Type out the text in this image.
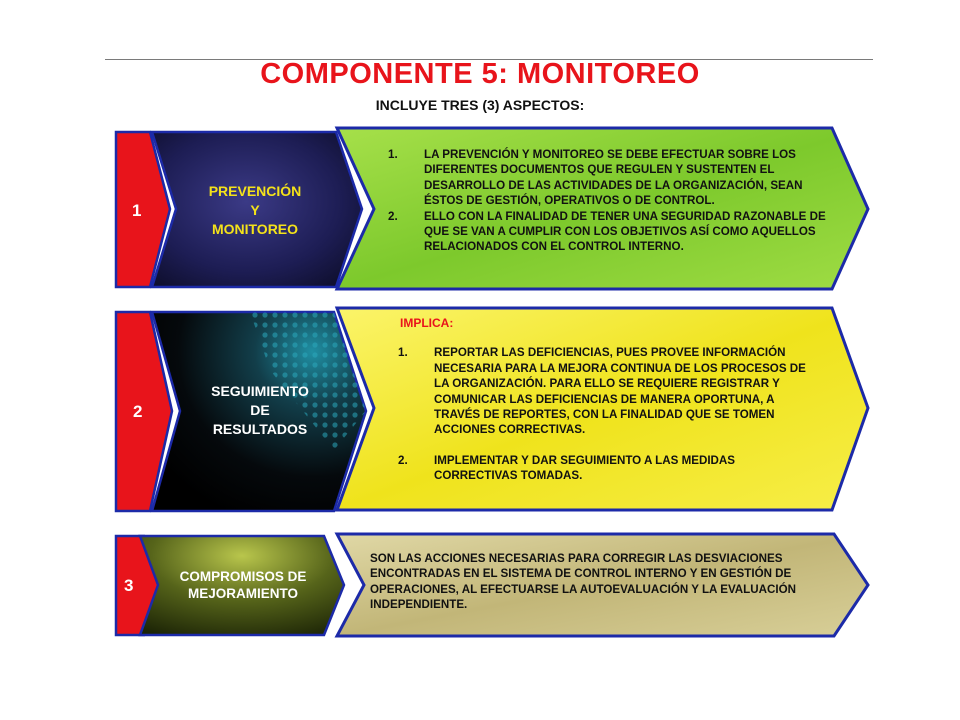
COMPONENTE 5: MONITOREO
INCLUYE TRES (3) ASPECTOS:
1
PREVENCIÓN
Y
MONITOREO
1. LA PREVENCIÓN Y MONITOREO SE DEBE EFECTUAR SOBRE LOS DIFERENTES DOCUMENTOS QUE REGULEN Y SUSTENTEN EL DESARROLLO DE LAS ACTIVIDADES DE LA ORGANIZACIÓN, SEAN ÉSTOS DE GESTIÓN, OPERATIVOS O DE CONTROL.
2. ELLO CON LA FINALIDAD DE TENER UNA SEGURIDAD RAZONABLE DE QUE SE VAN A CUMPLIR CON LOS OBJETIVOS ASÍ COMO AQUELLOS RELACIONADOS CON EL CONTROL INTERNO.
2
SEGUIMIENTO
DE
RESULTADOS
IMPLICA:
1. REPORTAR LAS DEFICIENCIAS, PUES PROVEE INFORMACIÓN NECESARIA PARA LA MEJORA CONTINUA DE LOS PROCESOS DE LA ORGANIZACIÓN. PARA ELLO SE REQUIERE REGISTRAR Y COMUNICAR LAS DEFICIENCIAS DE MANERA OPORTUNA, A TRAVÉS DE REPORTES, CON LA FINALIDAD QUE SE TOMEN ACCIONES CORRECTIVAS.
2. IMPLEMENTAR Y DAR SEGUIMIENTO A LAS MEDIDAS CORRECTIVAS TOMADAS.
3	COMPROMISOS DE
MEJORAMIENTO
SON LAS ACCIONES NECESARIAS PARA CORREGIR LAS DESVIACIONES ENCONTRADAS EN EL SISTEMA DE CONTROL INTERNO Y EN GESTIÓN DE OPERACIONES, AL EFECTUARSE LA AUTOEVALUACIÓN Y LA EVALUACIÓN INDEPENDIENTE.
